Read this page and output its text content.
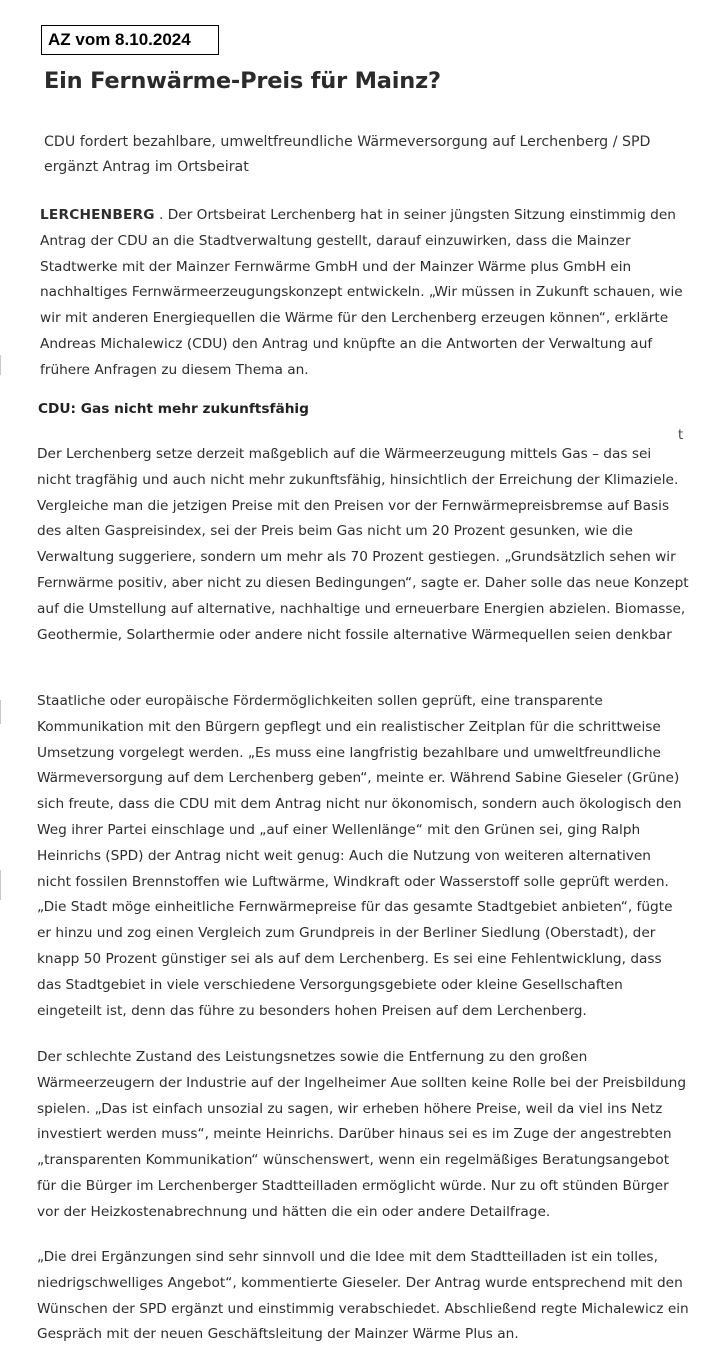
AZ vom 8.10.2024
Ein Fernwärme-Preis für Mainz?

CDU fordert bezahlbare, umweltfreundliche Wärmeversorgung auf Lerchenberg / SPD ergänzt Antrag im Ortsbeirat

LERCHENBERG . Der Ortsbeirat Lerchenberg hat in seiner jüngsten Sitzung einstimmig den Antrag der CDU an die Stadtverwaltung gestellt, darauf einzuwirken, dass die Mainzer Stadtwerke mit der Mainzer Fernwärme GmbH und der Mainzer Wärme plus GmbH ein nachhaltiges Fernwärmeerzeugungskonzept entwickeln. „Wir müssen in Zukunft schauen, wie wir mit anderen Energiequellen die Wärme für den Lerchenberg erzeugen können“, erklärte Andreas Michalewicz (CDU) den Antrag und knüpfte an die Antworten der Verwaltung auf frühere Anfragen zu diesem Thema an.

CDU: Gas nicht mehr zukunftsfähig
t

Der Lerchenberg setze derzeit maßgeblich auf die Wärmeerzeugung mittels Gas – das sei nicht tragfähig und auch nicht mehr zukunftsfähig, hinsichtlich der Erreichung der Klimaziele. Vergleiche man die jetzigen Preise mit den Preisen vor der Fernwärmepreisbremse auf Basis des alten Gaspreisindex, sei der Preis beim Gas nicht um 20 Prozent gesunken, wie die Verwaltung suggeriere, sondern um mehr als 70 Prozent gestiegen. „Grundsätzlich sehen wir Fernwärme positiv, aber nicht zu diesen Bedingungen“, sagte er. Daher solle das neue Konzept auf die Umstellung auf alternative, nachhaltige und erneuerbare Energien abzielen. Biomasse, Geothermie, Solarthermie oder andere nicht fossile alternative Wärmequellen seien denkbar

Staatliche oder europäische Fördermöglichkeiten sollen geprüft, eine transparente Kommunikation mit den Bürgern gepflegt und ein realistischer Zeitplan für die schrittweise Umsetzung vorgelegt werden. „Es muss eine langfristig bezahlbare und umweltfreundliche Wärmeversorgung auf dem Lerchenberg geben“, meinte er. Während Sabine Gieseler (Grüne) sich freute, dass die CDU mit dem Antrag nicht nur ökonomisch, sondern auch ökologisch den Weg ihrer Partei einschlage und „auf einer Wellenlänge“ mit den Grünen sei, ging Ralph Heinrichs (SPD) der Antrag nicht weit genug: Auch die Nutzung von weiteren alternativen nicht fossilen Brennstoffen wie Luftwärme, Windkraft oder Wasserstoff solle geprüft werden. „Die Stadt möge einheitliche Fernwärmepreise für das gesamte Stadtgebiet anbieten“, fügte er hinzu und zog einen Vergleich zum Grundpreis in der Berliner Siedlung (Oberstadt), der knapp 50 Prozent günstiger sei als auf dem Lerchenberg. Es sei eine Fehlentwicklung, dass das Stadtgebiet in viele verschiedene Versorgungsgebiete oder kleine Gesellschaften eingeteilt ist, denn das führe zu besonders hohen Preisen auf dem Lerchenberg.

Der schlechte Zustand des Leistungsnetzes sowie die Entfernung zu den großen Wärmeerzeugern der Industrie auf der Ingelheimer Aue sollten keine Rolle bei der Preisbildung spielen. „Das ist einfach unsozial zu sagen, wir erheben höhere Preise, weil da viel ins Netz investiert werden muss“, meinte Heinrichs. Darüber hinaus sei es im Zuge der angestrebten „transparenten Kommunikation“ wünschenswert, wenn ein regelmäßiges Beratungsangebot für die Bürger im Lerchenberger Stadtteilladen ermöglicht würde. Nur zu oft stünden Bürger vor der Heizkostenabrechnung und hätten die ein oder andere Detailfrage.

„Die drei Ergänzungen sind sehr sinnvoll und die Idee mit dem Stadtteilladen ist ein tolles, niedrigschwelliges Angebot“, kommentierte Gieseler. Der Antrag wurde entsprechend mit den Wünschen der SPD ergänzt und einstimmig verabschiedet. Abschließend regte Michalewicz ein Gespräch mit der neuen Geschäftsleitung der Mainzer Wärme Plus an.
